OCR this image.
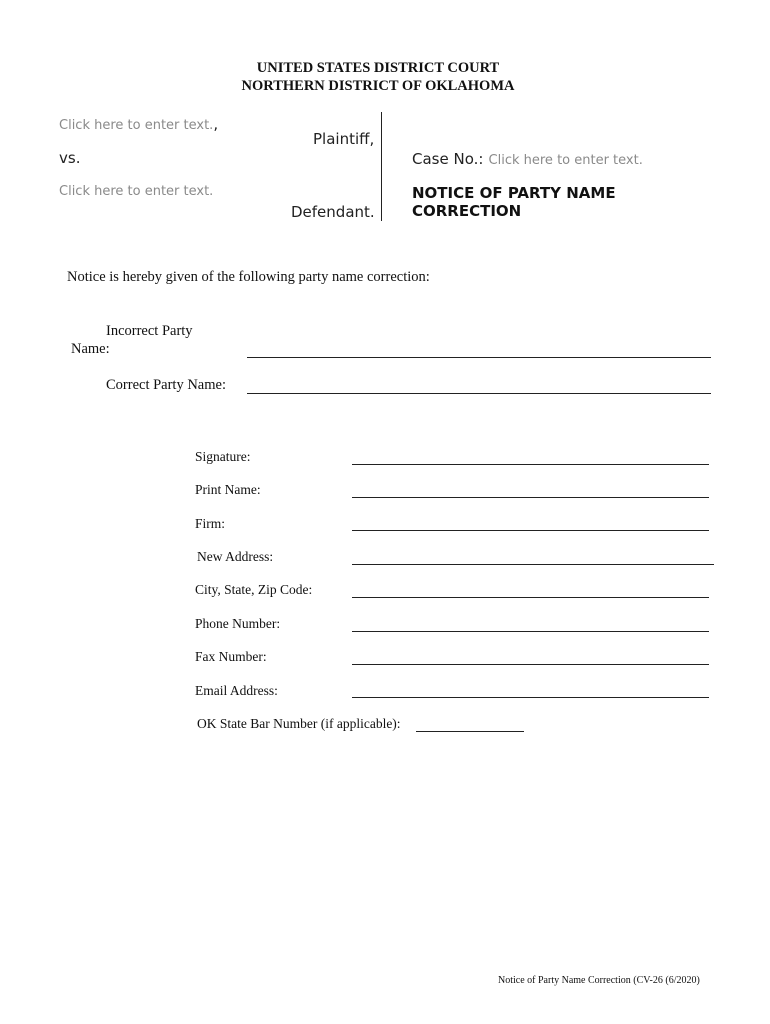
UNITED STATES DISTRICT COURT
NORTHERN DISTRICT OF OKLAHOMA
Click here to enter text.,
Plaintiff,
vs.
Click here to enter text.
Defendant.
Case No.: Click here to enter text.
NOTICE OF PARTY NAME
CORRECTION
Notice is hereby given of the following party name correction:
Incorrect Party
Name:
Correct Party Name:
Signature:
Print Name:
Firm:
New Address:
City, State, Zip Code:
Phone Number:
Fax Number:
Email Address:
OK State Bar Number (if applicable):
Notice of Party Name Correction (CV-26 (6/2020)
